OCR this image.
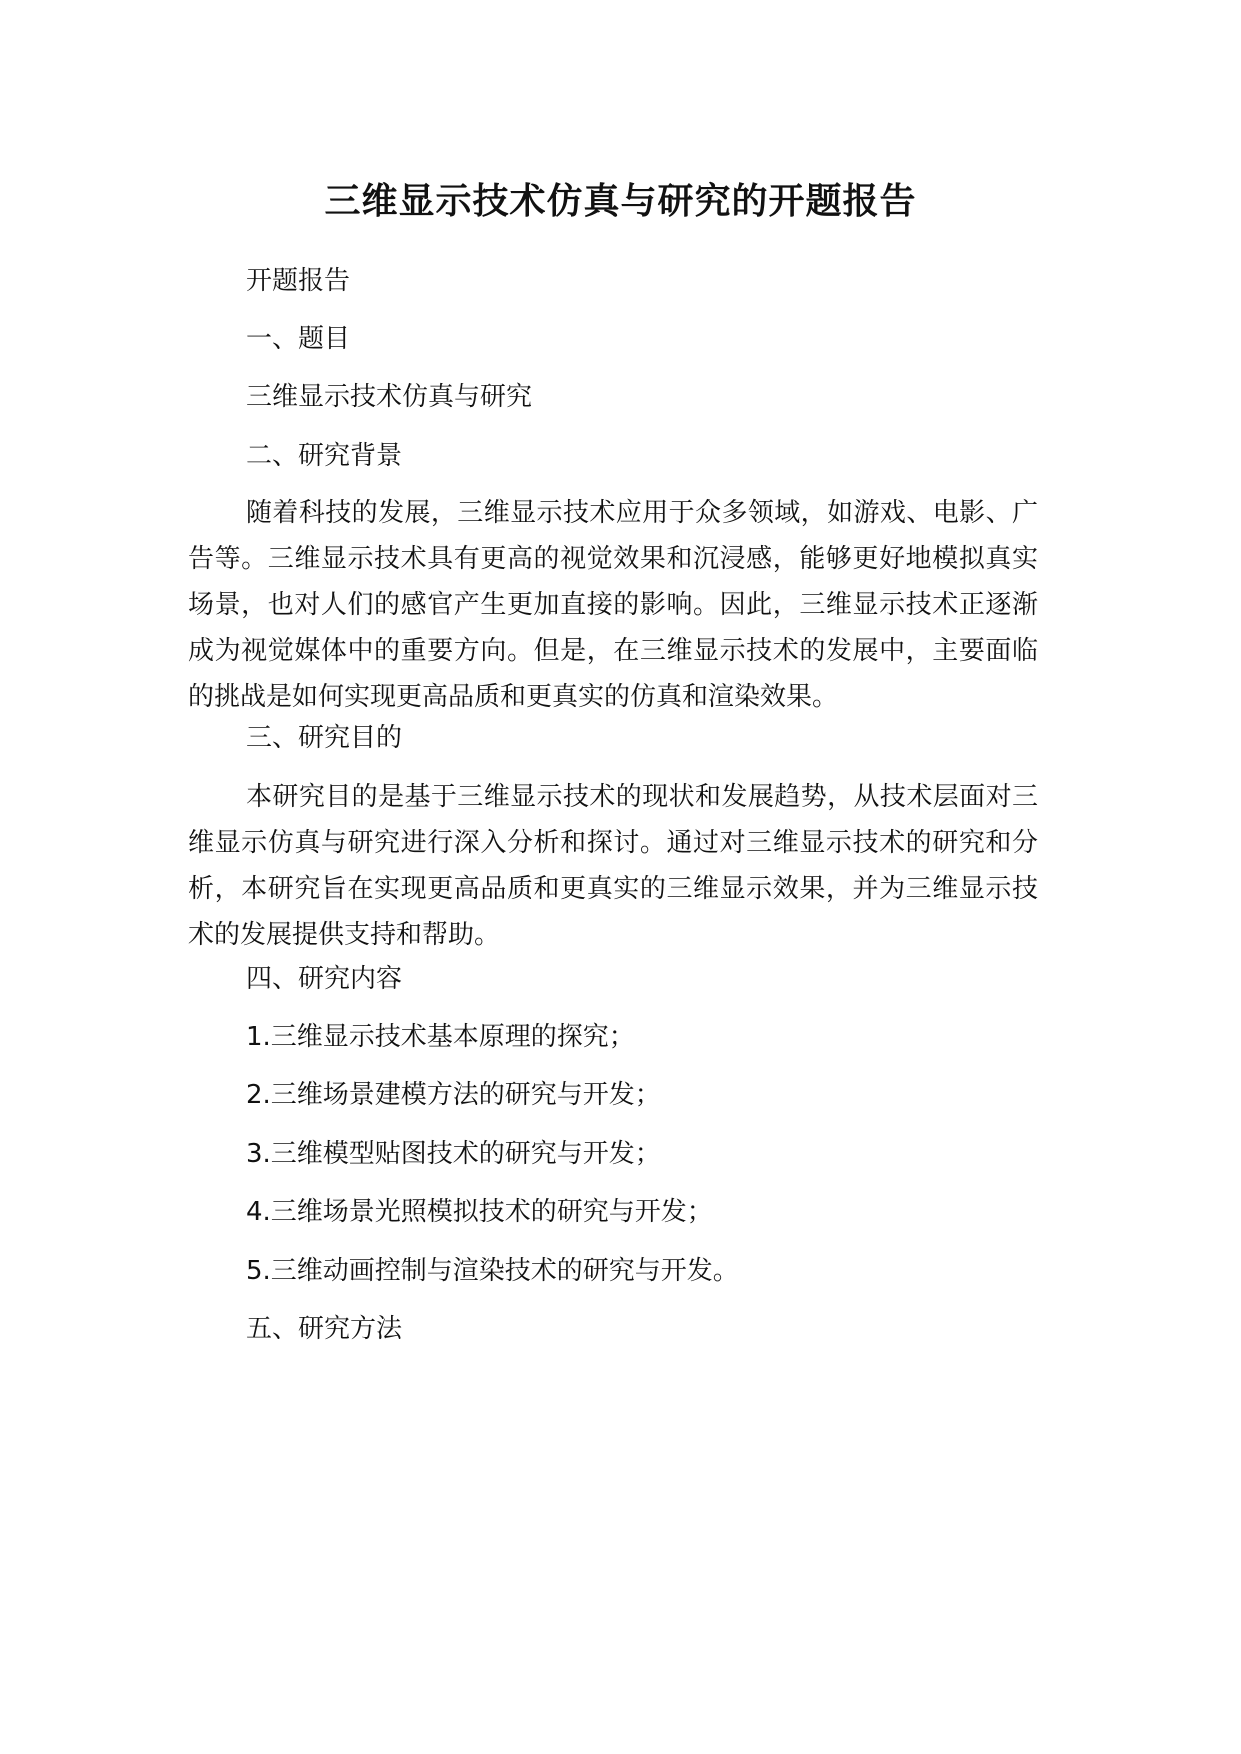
三维显示技术仿真与研究的开题报告
开题报告
一、题目
三维显示技术仿真与研究
二、研究背景
随着科技的发展，三维显示技术应用于众多领域，如游戏、电影、广告等。三维显示技术具有更高的视觉效果和沉浸感，能够更好地模拟真实场景，也对人们的感官产生更加直接的影响。因此，三维显示技术正逐渐成为视觉媒体中的重要方向。但是，在三维显示技术的发展中，主要面临的挑战是如何实现更高品质和更真实的仿真和渲染效果。
三、研究目的
本研究目的是基于三维显示技术的现状和发展趋势，从技术层面对三维显示仿真与研究进行深入分析和探讨。通过对三维显示技术的研究和分析，本研究旨在实现更高品质和更真实的三维显示效果，并为三维显示技术的发展提供支持和帮助。
四、研究内容
1.三维显示技术基本原理的探究；
2.三维场景建模方法的研究与开发；
3.三维模型贴图技术的研究与开发；
4.三维场景光照模拟技术的研究与开发；
5.三维动画控制与渲染技术的研究与开发。
五、研究方法
